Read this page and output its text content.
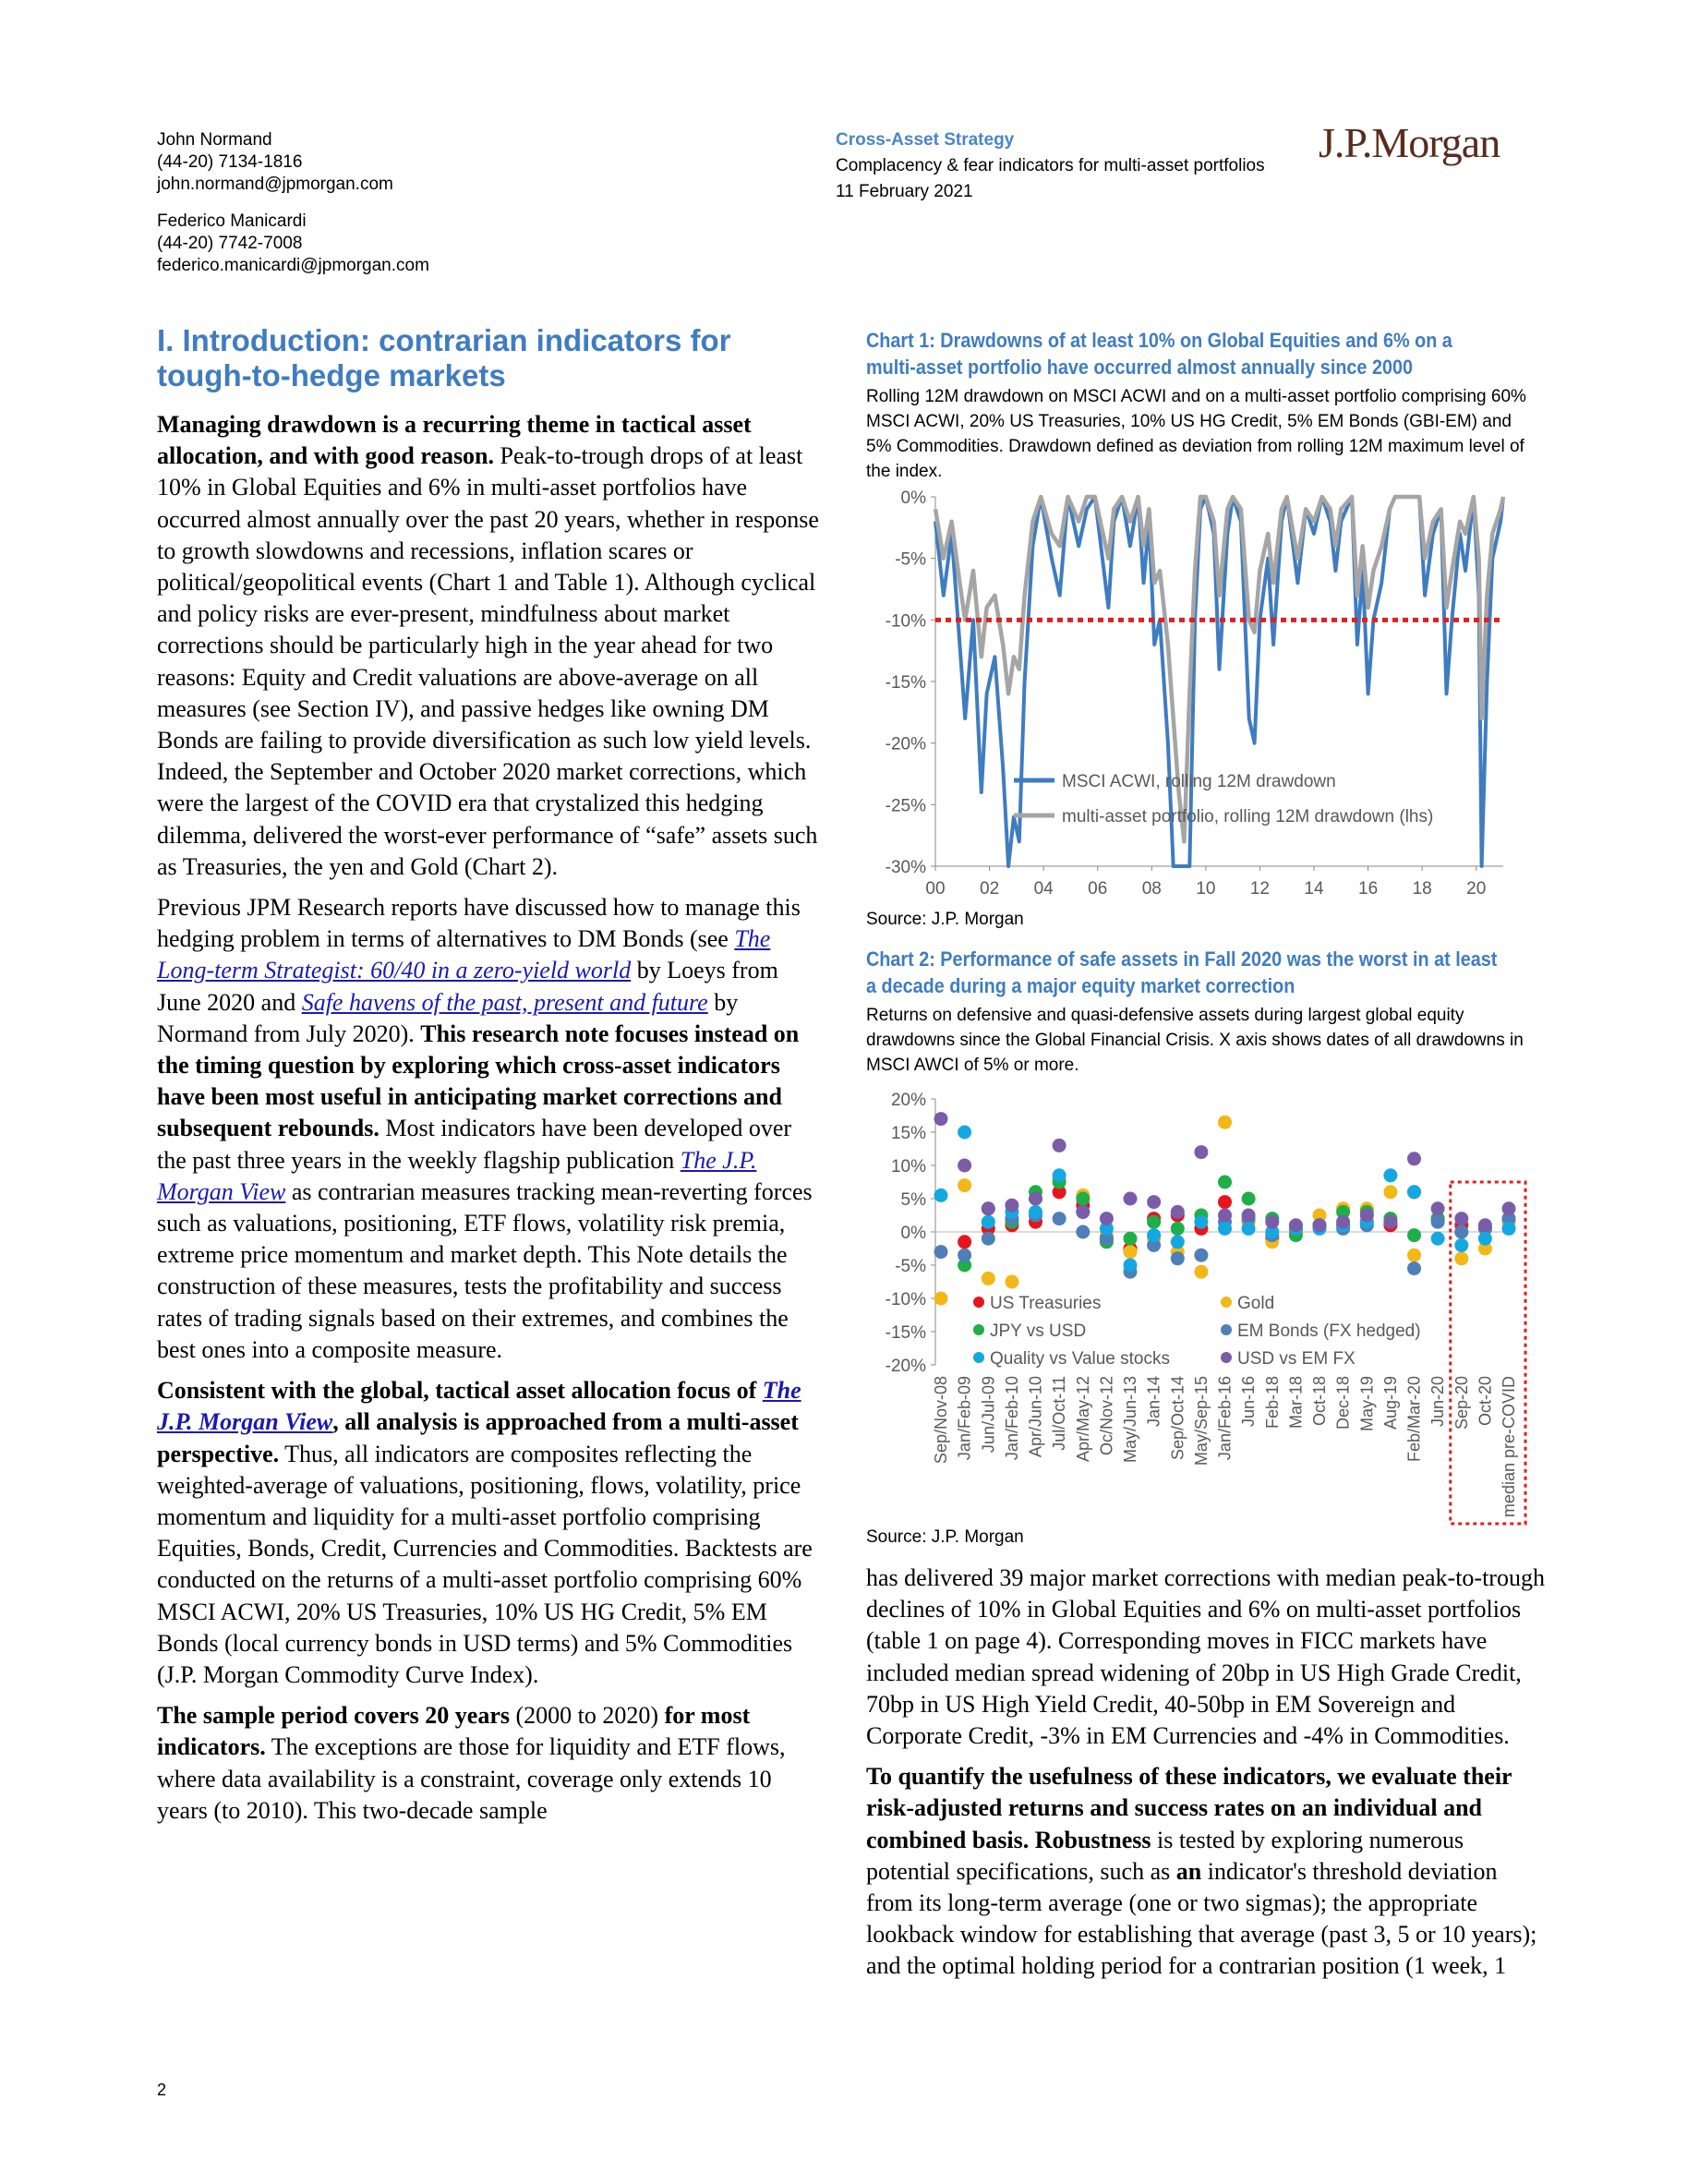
John Normand
(44-20) 7134-1816
john.normand@jpmorgan.com
Federico Manicardi
(44-20) 7742-7008
federico.manicardi@jpmorgan.com
Cross-Asset Strategy
Complacency & fear indicators for multi-asset portfolios
11 February 2021
J.P.Morgan
I. Introduction: contrarian indicators for tough-to-hedge markets

Managing drawdown is a recurring theme in tactical asset allocation, and with good reason. Peak-to-trough drops of at least 10% in Global Equities and 6% in multi-asset portfolios have occurred almost annually over the past 20 years, whether in response to growth slowdowns and recessions, inflation scares or political/geopolitical events (Chart 1 and Table 1). Although cyclical and policy risks are ever-present, mindfulness about market corrections should be particularly high in the year ahead for two reasons: Equity and Credit valuations are above-average on all measures (see Section IV), and passive hedges like owning DM Bonds are failing to provide diversification as such low yield levels. Indeed, the September and October 2020 market corrections, which were the largest of the COVID era that crystalized this hedging dilemma, delivered the worst-ever performance of “safe” assets such as Treasuries, the yen and Gold (Chart 2).

Previous JPM Research reports have discussed how to manage this hedging problem in terms of alternatives to DM Bonds (see The Long-term Strategist: 60/40 in a zero-yield world by Loeys from June 2020 and Safe havens of the past, present and future by Normand from July 2020). This research note focuses instead on the timing question by exploring which cross-asset indicators have been most useful in anticipating market corrections and subsequent rebounds. Most indicators have been developed over the past three years in the weekly flagship publication The J.P. Morgan View as contrarian measures tracking mean-reverting forces such as valuations, positioning, ETF flows, volatility risk premia, extreme price momentum and market depth. This Note details the construction of these measures, tests the profitability and success rates of trading signals based on their extremes, and combines the best ones into a composite measure.

Consistent with the global, tactical asset allocation focus of The J.P. Morgan View, all analysis is approached from a multi-asset perspective. Thus, all indicators are composites reflecting the weighted-average of valuations, positioning, flows, volatility, price momentum and liquidity for a multi-asset portfolio comprising Equities, Bonds, Credit, Currencies and Commodities. Backtests are conducted on the returns of a multi-asset portfolio comprising 60% MSCI ACWI, 20% US Treasuries, 10% US HG Credit, 5% EM Bonds (local currency bonds in USD terms) and 5% Commodities (J.P. Morgan Commodity Curve Index).

The sample period covers 20 years (2000 to 2020) for most indicators. The exceptions are those for liquidity and ETF flows, where data availability is a constraint, coverage only extends 10 years (to 2010). This two-decade sample

Chart 1: Drawdowns of at least 10% on Global Equities and 6% on a multi-asset portfolio have occurred almost annually since 2000
Rolling 12M drawdown on MSCI ACWI and on a multi-asset portfolio comprising 60% MSCI ACWI, 20% US Treasuries, 10% US HG Credit, 5% EM Bonds (GBI-EM) and 5% Commodities. Drawdown defined as deviation from rolling 12M maximum level of the index.
0%
-5%
-10%
-15%
-20%
-25%
-30%
00 02 04 06 08 10 12 14 16 18 20
MSCI ACWI, rolling 12M drawdown
multi-asset portfolio, rolling 12M drawdown (lhs)
Source: J.P. Morgan
Chart 2: Performance of safe assets in Fall 2020 was the worst in at least a decade during a major equity market correction
Returns on defensive and quasi-defensive assets during largest global equity drawdowns since the Global Financial Crisis. X axis shows dates of all drawdowns in MSCI AWCI of 5% or more.
20%
15%
10%
5%
0%
-5%
-10%
-15%
-20%
Sep/Nov-08 Jan/Feb-09 Jun/Jul-09 Jan/Feb-10 Apr/Jun-10 Jul/Oct-11 Apr/May-12 Oc/Nov-12 May/Jun-13 Jan-14 Sep/Oct-14 May/Sep-15 Jan/Feb-16 Jun-16 Feb-18 Mar-18 Oct-18 Dec-18 May-19 Aug-19 Feb/Mar-20 Jun-20 Sep-20 Oct-20 median pre-COVID
US Treasuries	Gold
JPY vs USD	EM Bonds (FX hedged)
Quality vs Value stocks	USD vs EM FX
Source: J.P. Morgan

has delivered 39 major market corrections with median peak-to-trough declines of 10% in Global Equities and 6% on multi-asset portfolios (table 1 on page 4). Corresponding moves in FICC markets have included median spread widening of 20bp in US High Grade Credit, 70bp in US High Yield Credit, 40-50bp in EM Sovereign and Corporate Credit, -3% in EM Currencies and -4% in Commodities.

To quantify the usefulness of these indicators, we evaluate their risk-adjusted returns and success rates on an individual and combined basis. Robustness is tested by exploring numerous potential specifications, such as an indicator's threshold deviation from its long-term average (one or two sigmas); the appropriate lookback window for establishing that average (past 3, 5 or 10 years); and the optimal holding period for a contrarian position (1 week, 1

2
